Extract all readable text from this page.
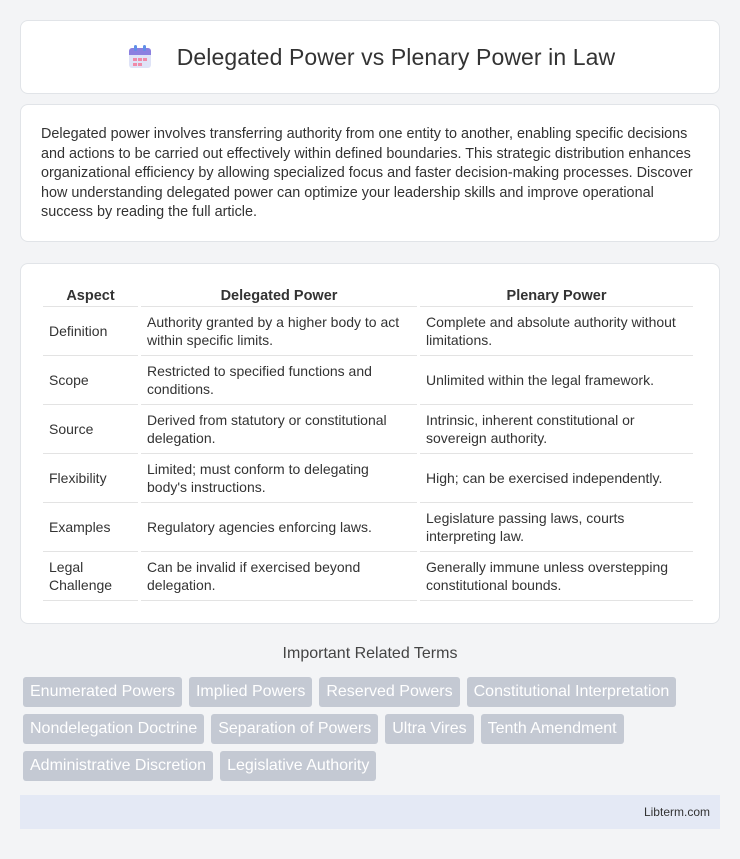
Delegated Power vs Plenary Power in Law

Delegated power involves transferring authority from one entity to another, enabling specific decisions and actions to be carried out effectively within defined boundaries. This strategic distribution enhances organizational efficiency by allowing specialized focus and faster decision-making processes. Discover how understanding delegated power can optimize your leadership skills and improve operational success by reading the full article.

Aspect	Delegated Power	Plenary Power
Definition	Authority granted by a higher body to act within specific limits.	Complete and absolute authority without limitations.
Scope	Restricted to specified functions and conditions.	Unlimited within the legal framework.
Source	Derived from statutory or constitutional delegation.	Intrinsic, inherent constitutional or sovereign authority.
Flexibility	Limited; must conform to delegating body's instructions.	High; can be exercised independently.
Examples	Regulatory agencies enforcing laws.	Legislature passing laws, courts interpreting law.
Legal Challenge	Can be invalid if exercised beyond delegation.	Generally immune unless overstepping constitutional bounds.
Important Related Terms
Enumerated Powers	Implied Powers	Reserved Powers	Constitutional Interpretation
Nondelegation Doctrine	Separation of Powers	Ultra Vires	Tenth Amendment
Administrative Discretion	Legislative Authority
Libterm.com
